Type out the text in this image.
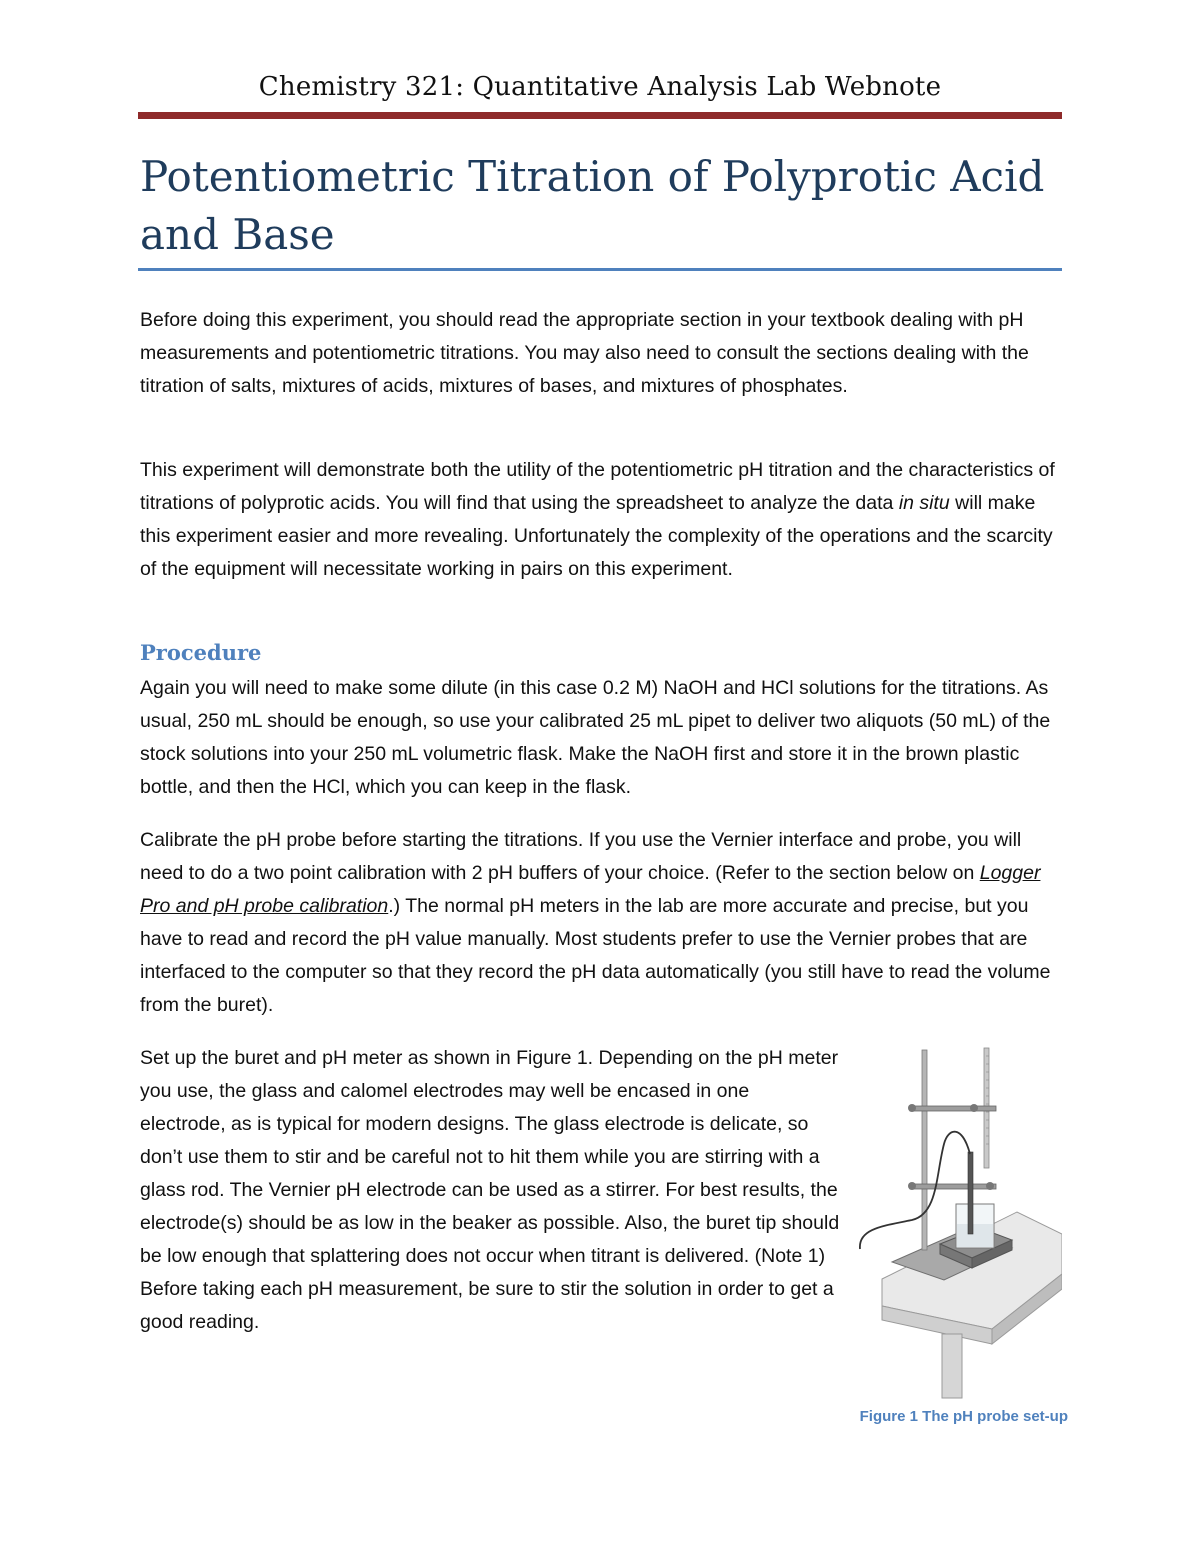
Chemistry 321: Quantitative Analysis Lab Webnote
Potentiometric Titration of Polyprotic Acid and Base

Before doing this experiment, you should read the appropriate section in your textbook dealing with pH measurements and potentiometric titrations. You may also need to consult the sections dealing with the titration of salts, mixtures of acids, mixtures of bases, and mixtures of phosphates.

This experiment will demonstrate both the utility of the potentiometric pH titration and the characteristics of titrations of polyprotic acids. You will find that using the spreadsheet to analyze the data in situ will make this experiment easier and more revealing. Unfortunately the complexity of the operations and the scarcity of the equipment will necessitate working in pairs on this experiment.

Procedure

Again you will need to make some dilute (in this case 0.2 M) NaOH and HCl solutions for the titrations. As usual, 250 mL should be enough, so use your calibrated 25 mL pipet to deliver two aliquots (50 mL) of the stock solutions into your 250 mL volumetric flask. Make the NaOH first and store it in the brown plastic bottle, and then the HCl, which you can keep in the flask.

Calibrate the pH probe before starting the titrations. If you use the Vernier interface and probe, you will need to do a two point calibration with 2 pH buffers of your choice. (Refer to the section below on Logger Pro and pH probe calibration.) The normal pH meters in the lab are more accurate and precise, but you have to read and record the pH value manually. Most students prefer to use the Vernier probes that are interfaced to the computer so that they record the pH data automatically (you still have to read the volume from the buret).

Set up the buret and pH meter as shown in Figure 1. Depending on the pH meter you use, the glass and calomel electrodes may well be encased in one electrode, as is typical for modern designs. The glass electrode is delicate, so don’t use them to stir and be careful not to hit them while you are stirring with a glass rod. The Vernier pH electrode can be used as a stirrer. For best results, the electrode(s) should be as low in the beaker as possible. Also, the buret tip should be low enough that splattering does not occur when titrant is delivered. (Note 1) Before taking each pH measurement, be sure to stir the solution in order to get a good reading.

Figure 1 The pH probe set-up
